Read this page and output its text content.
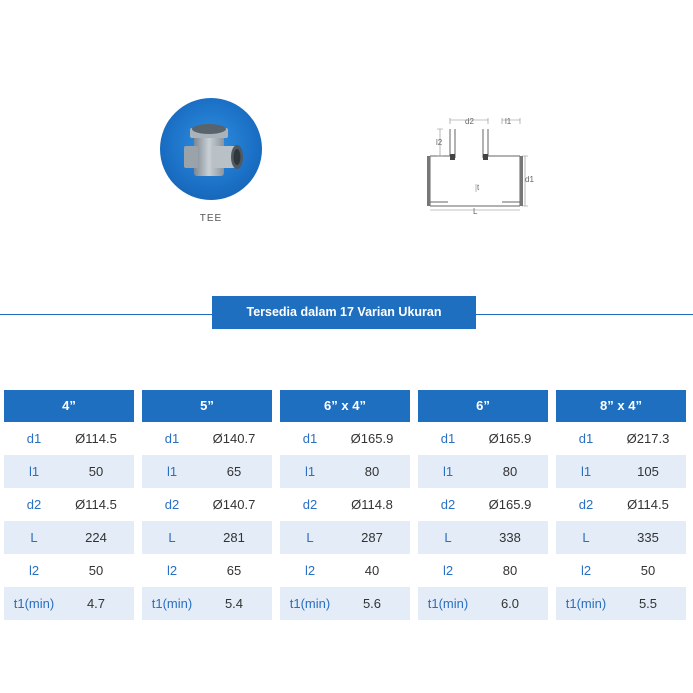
TEE
d2	l1
l2
d1
t
L
Tersedia dalam 17 Varian Ukuran
4”
d1	Ø114.5
l1	50
d2	Ø114.5
L	224
l2	50
t1(min)	4.7
5”
d1	Ø140.7
l1	65
d2	Ø140.7
L	281
l2	65
t1(min)	5.4
6” x 4”
d1	Ø165.9
l1	80
d2	Ø114.8
L	287
l2	40
t1(min)	5.6
6”
d1	Ø165.9
l1	80
d2	Ø165.9
L	338
l2	80
t1(min)	6.0
8” x 4”
d1	Ø217.3
l1	105
d2	Ø114.5
L	335
l2	50
t1(min)	5.5
